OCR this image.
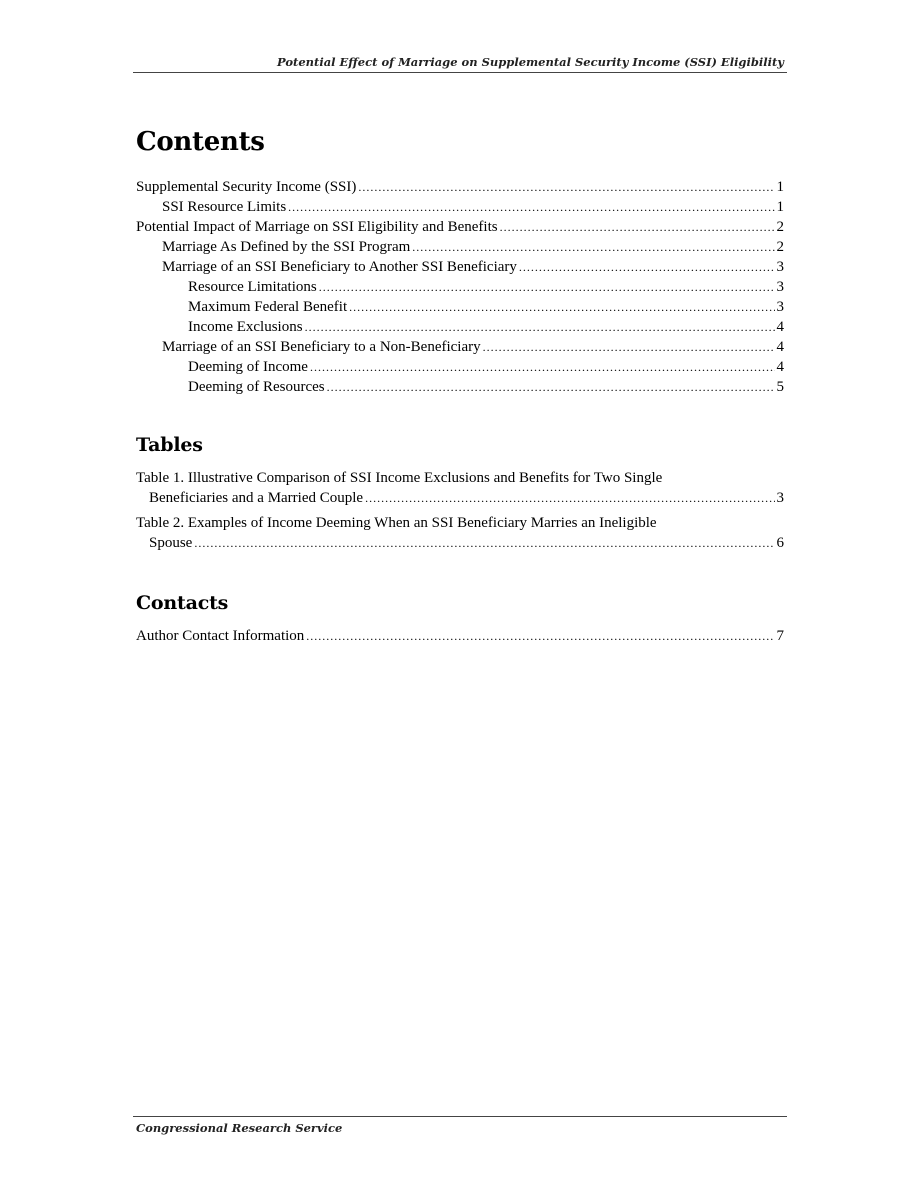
Potential Effect of Marriage on Supplemental Security Income (SSI) Eligibility
Contents
Supplemental Security Income (SSI) .....	1
SSI Resource Limits .....	1
Potential Impact of Marriage on SSI Eligibility and Benefits .....	2
Marriage As Defined by the SSI Program .....	2
Marriage of an SSI Beneficiary to Another SSI Beneficiary .....	3
Resource Limitations .....	3
Maximum Federal Benefit .....	3
Income Exclusions .....	4
Marriage of an SSI Beneficiary to a Non-Beneficiary .....	4
Deeming of Income .....	4
Deeming of Resources .....	5
Tables
Table 1. Illustrative Comparison of SSI Income Exclusions and Benefits for Two Single
Beneficiaries and a Married Couple .....	3
Table 2. Examples of Income Deeming When an SSI Beneficiary Marries an Ineligible
Spouse .....	6
Contacts
Author Contact Information .....	7
Congressional Research Service
